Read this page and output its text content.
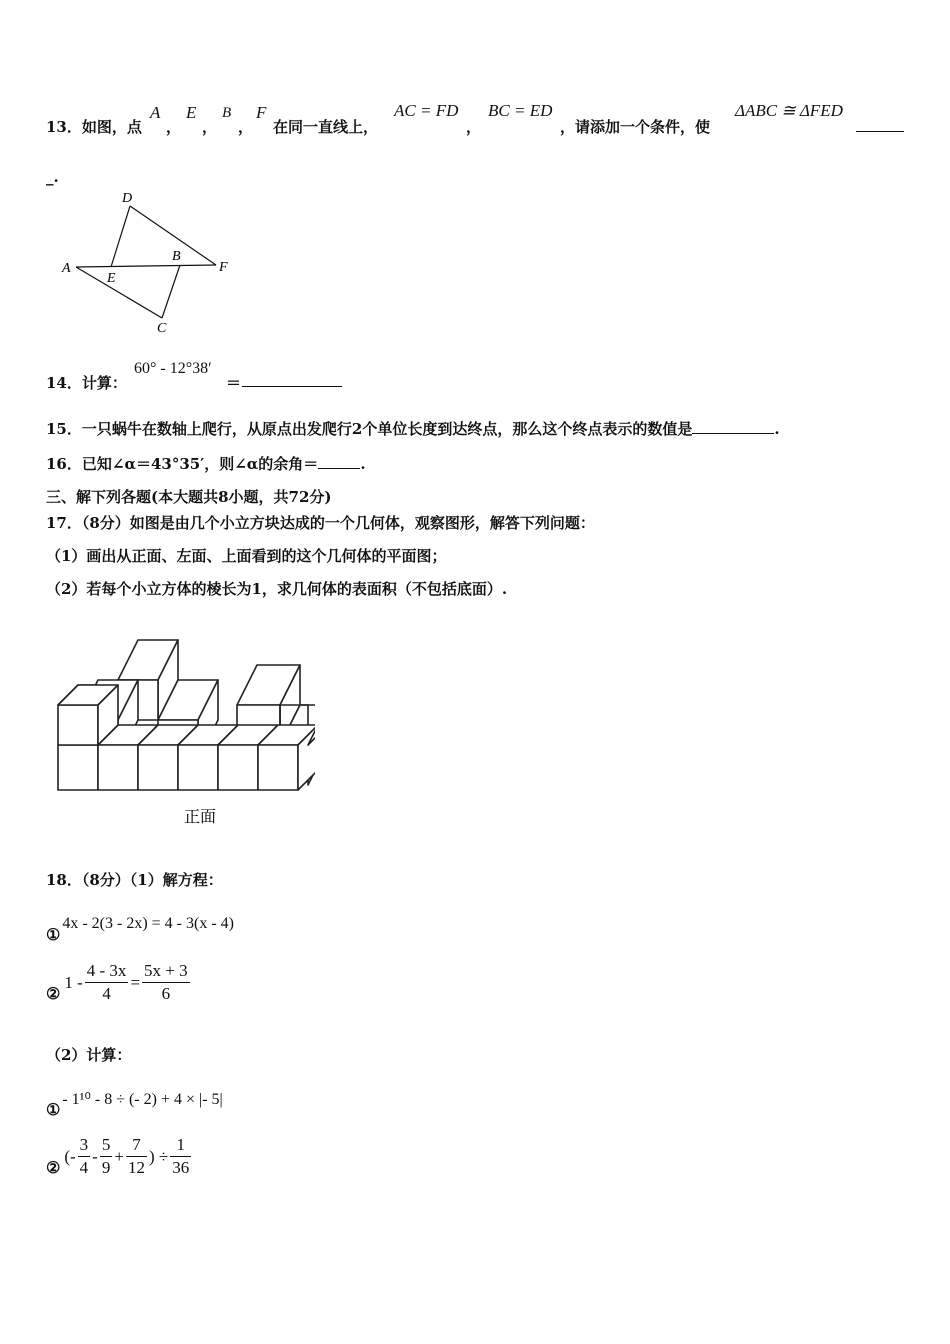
13．如图，点
A
，
E
，
B
，
F
在同一直线上，
AC = FD
，
BC = ED
，请添加一个条件，使
ΔABC ≅ ΔFED
_.
D
A
E
B
F
C
14．计算：
60° - 12°38′
＝
15．一只蜗牛在数轴上爬行，从原点出发爬行2个单位长度到达终点，那么这个终点表示的数值是	.
16．已知∠α＝43°35′，则∠α的余角＝	.
三、解下列各题(本大题共8小题，共72分)
17．（8分）如图是由几个小立方块达成的一个几何体，观察图形，解答下列问题：
（1）画出从正面、左面、上面看到的这个几何体的平面图；
（2）若每个小立方体的棱长为1，求几何体的表面积（不包括底面）.
正面
18．（8分）（1）解方程：
①
4x - 2(3 - 2x) = 4 - 3(x - 4)
②
$1 - \frac{4 - 3x}{4} = \frac{5x + 3}{6}$
（2）计算：
①
- 1¹⁰ - 8 ÷ (- 2) + 4 × |- 5|
②
(- $\frac{3}{4} - \frac{5}{9} + \frac{7}{12}$ ) ÷ $\frac{1}{36}$
